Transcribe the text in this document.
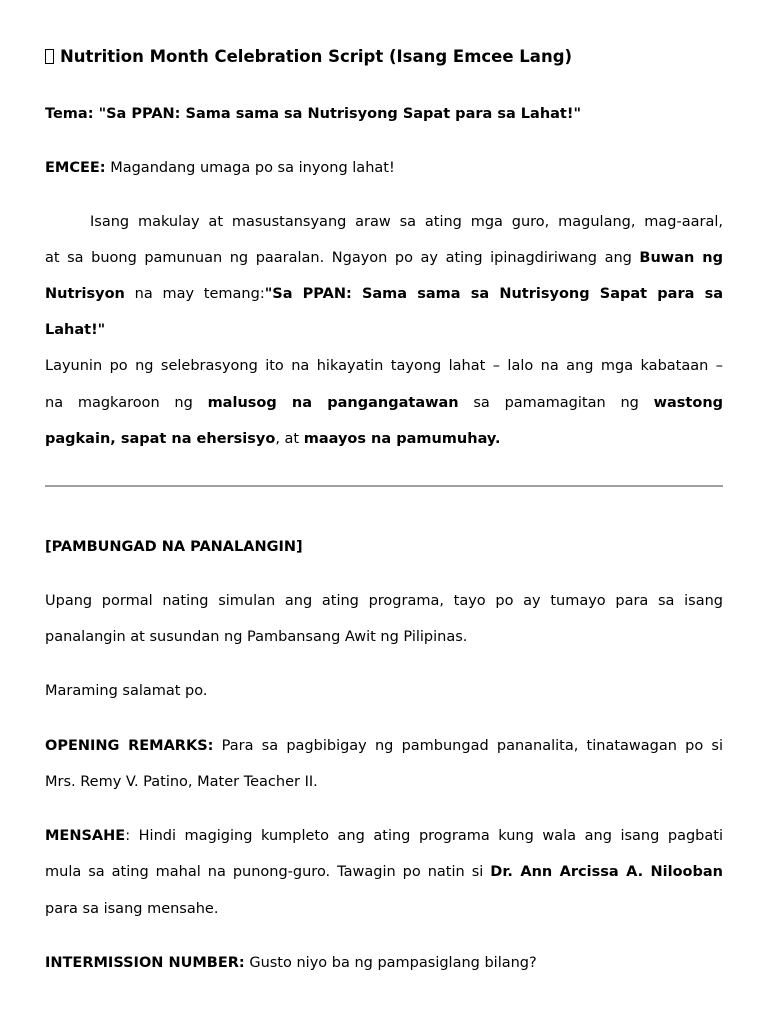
Nutrition Month Celebration Script (Isang Emcee Lang)
Tema: "Sa PPAN: Sama sama sa Nutrisyong Sapat para sa Lahat!"
EMCEE: Magandang umaga po sa inyong lahat!
Isang makulay at masustansyang araw sa ating mga guro, magulang, mag-aaral,
at sa buong pamunuan ng paaralan. Ngayon po ay ating ipinagdiriwang ang Buwan ng
Nutrisyon na may temang:"Sa PPAN: Sama sama sa Nutrisyong Sapat para sa
Lahat!"
Layunin po ng selebrasyong ito na hikayatin tayong lahat – lalo na ang mga kabataan –
na magkaroon ng malusog na pangangatawan sa pamamagitan ng wastong
pagkain, sapat na ehersisyo, at maayos na pamumuhay.
[PAMBUNGAD NA PANALANGIN]
Upang pormal nating simulan ang ating programa, tayo po ay tumayo para sa isang
panalangin at susundan ng Pambansang Awit ng Pilipinas.
Maraming salamat po.
OPENING REMARKS: Para sa pagbibigay ng pambungad pananalita, tinatawagan po si
Mrs. Remy V. Patino, Mater Teacher II.
MENSAHE: Hindi magiging kumpleto ang ating programa kung wala ang isang pagbati
mula sa ating mahal na punong-guro. Tawagin po natin si Dr. Ann Arcissa A. Nilooban
para sa isang mensahe.
INTERMISSION NUMBER: Gusto niyo ba ng pampasiglang bilang?
